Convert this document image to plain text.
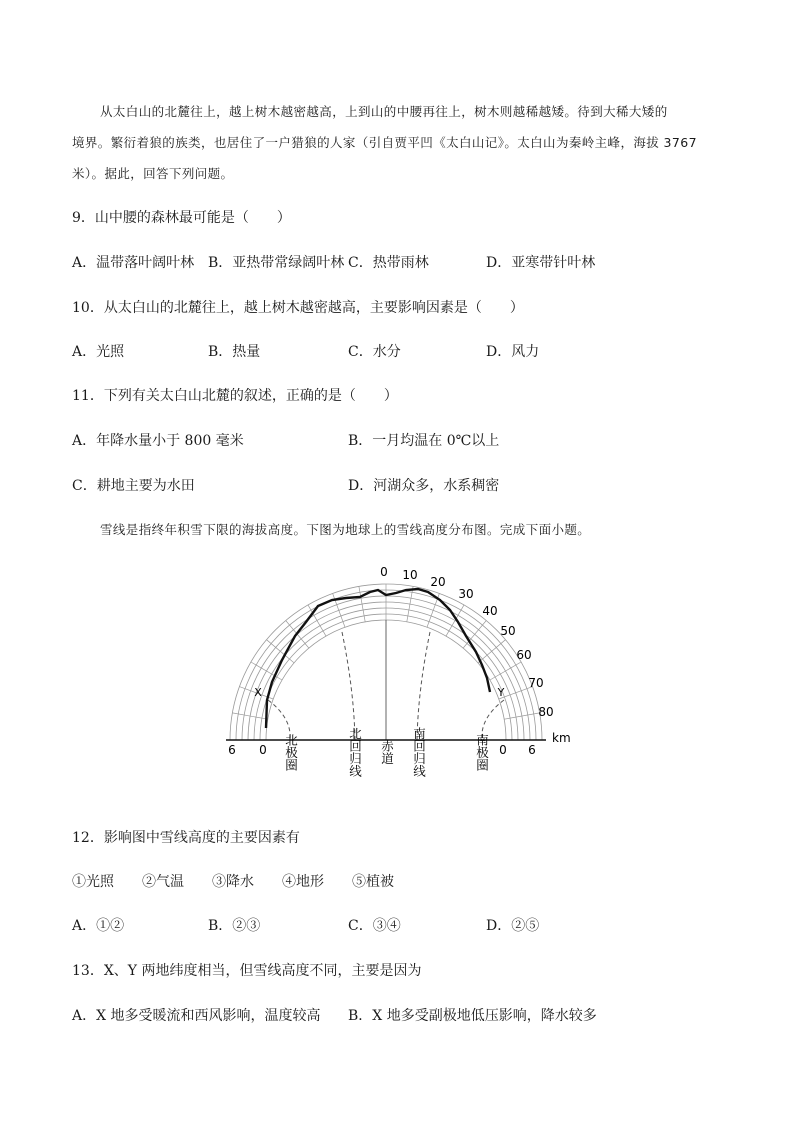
从太白山的北麓往上，越上树木越密越高，上到山的中腰再往上，树木则越稀越矮。待到大稀大矮的
境界。繁衍着狼的族类，也居住了一户猎狼的人家（引自贾平凹《太白山记》。太白山为秦岭主峰，海拔 3767
米）。据此，回答下列问题。
9．山中腰的森林最可能是（　　）
A．温带落叶阔叶林 B．亚热带常绿阔叶林 C．热带雨林	D．亚寒带针叶林
10．从太白山的北麓往上，越上树木越密越高，主要影响因素是（　　）
A．光照	B．热量	C．水分	D．风力
11．下列有关太白山北麓的叙述，正确的是（　　）
A．年降水量小于 800 毫米	B．一月均温在 0℃以上
C．耕地主要为水田	D．河湖众多，水系稠密
雪线是指终年积雪下限的海拔高度。下图为地球上的雪线高度分布图。完成下面小题。
0 10 20
30
40
50
60
70
80
X	Y
km
6 0	0 6
北极圈	北回归线 赤道 南回归线	南极圈
12．影响图中雪线高度的主要因素有
①光照 ②气温 ③降水 ④地形 ⑤植被
A．①②	B．②③	C．③④	D．②⑤
13．X、Y 两地纬度相当，但雪线高度不同，主要是因为
A．X 地多受暖流和西风影响，温度较高 B．X 地多受副极地低压影响，降水较多
